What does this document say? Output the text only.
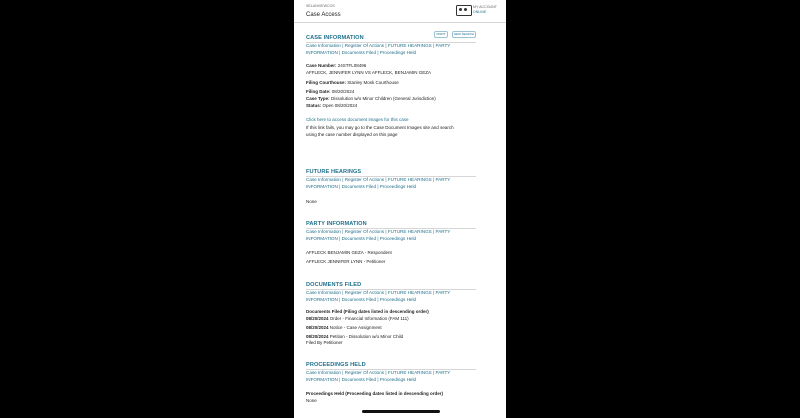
SELANVIEWCOS
Case Access
MY ACCOUNT
ONLINE
PRINT	NEW SEARCH
CASE INFORMATION
Case Information | Register Of Actions | FUTURE HEARINGS | PARTY INFORMATION | Documents Filed | Proceedings Held
Case Number: 24STFL08496
AFFLECK, JENNIFER LYNN VS AFFLECK, BENJAMIN GEZA
Filing Courthouse: Stanley Mosk Courthouse
Filing Date: 08/20/2024
Case Type: Dissolution w/o Minor Children (General Jurisdiction)
Status: Open 08/20/2024
Click here to access document images for this case
If this link fails, you may go to the Case Document Images site and search
using the case number displayed on this page
FUTURE HEARINGS
Case Information | Register Of Actions | FUTURE HEARINGS | PARTY INFORMATION | Documents Filed | Proceedings Held
None
PARTY INFORMATION
Case Information | Register Of Actions | FUTURE HEARINGS | PARTY INFORMATION | Documents Filed | Proceedings Held
AFFLECK BENJAMIN GEZA - Respondent
AFFLECK JENNIFER LYNN - Petitioner
DOCUMENTS FILED
Case Information | Register Of Actions | FUTURE HEARINGS | PARTY INFORMATION | Documents Filed | Proceedings Held
Documents Filed (Filing dates listed in descending order)
08/20/2024 Order - Financial Information (FAM 111)
08/20/2024 Notice - Case Assignment
08/20/2024 Petition - Dissolution w/o Minor Child
Filed By Petitioner
PROCEEDINGS HELD
Case Information | Register Of Actions | FUTURE HEARINGS | PARTY INFORMATION | Documents Filed | Proceedings Held
Proceedings Held (Proceeding dates listed in descending order)
None
